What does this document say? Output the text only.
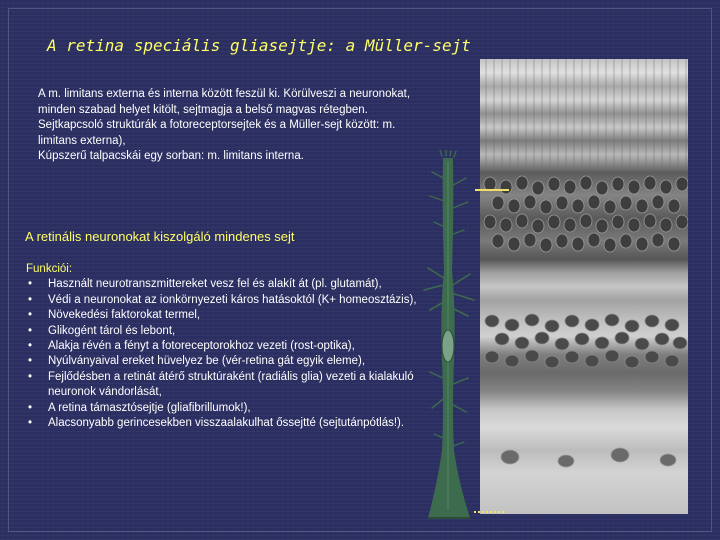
A retina speciális gliasejtje: a Müller-sejt

A m. limitans externa és interna között feszül ki. Körülveszi a neuronokat, minden szabad helyet kitölt, sejtmagja a belső magvas rétegben.

Sejtkapcsoló struktúrák a fotoreceptorsejtek és a Müller-sejt között: m. limitans externa),

Kúpszerű talpacskái egy sorban: m. limitans interna.

A retinális neuronokat kiszolgáló mindenes sejt
Funkciói:
• Használt neurotranszmittereket vesz fel és alakít át (pl. glutamát),
• Védi a neuronokat az ionkörnyezeti káros hatásoktól (K+ homeosztázis),
• Növekedési faktorokat termel,
• Glikogént tárol és lebont,
• Alakja révén a fényt a fotoreceptorokhoz vezeti (rost-optika),
• Nyúlványaival ereket hüvelyez be (vér-retina gát egyik eleme),
• Fejlődésben a retinát átérő struktúraként (radiális glia) vezeti a kialakuló neuronok vándorlását,
• A retina támasztósejtje (gliafibrillumok!),
• Alacsonyabb gerincesekben visszaalakulhat őssejtté (sejtutánpótlás!).
